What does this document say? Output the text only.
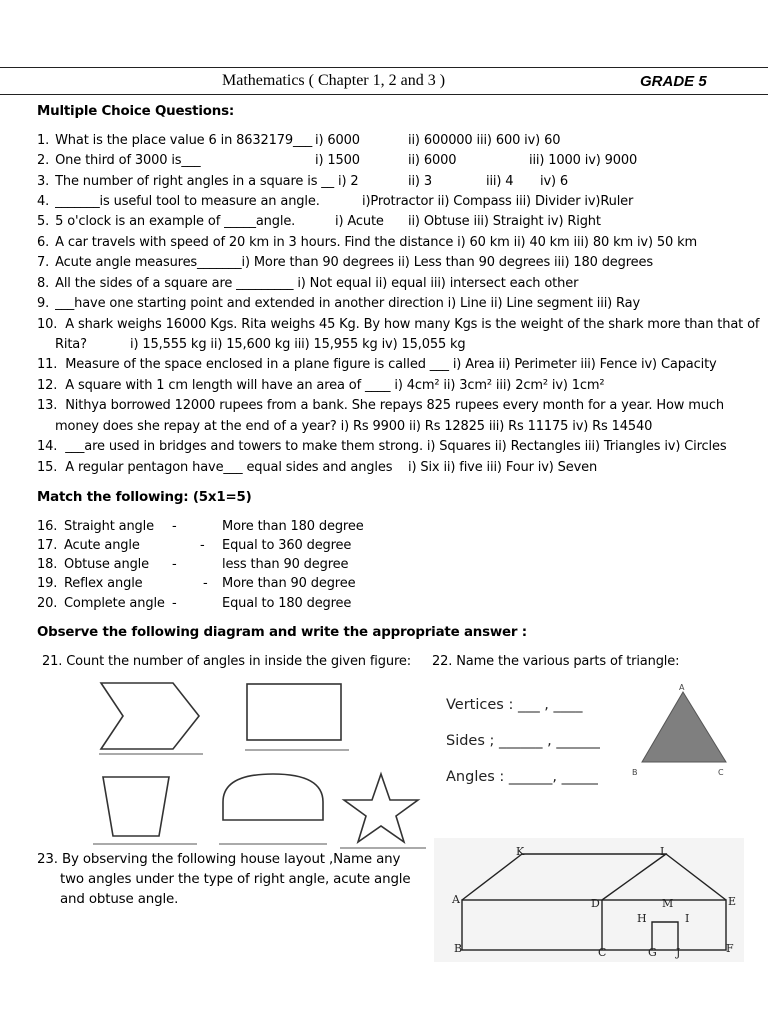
Mathematics ( Chapter 1, 2 and 3 )	GRADE 5
Multiple Choice Questions:
1. What is the place value 6 in 8632179___ i) 6000	ii) 600000 iii) 600 iv) 60
2. One third of 3000 is___	i) 1500	ii) 6000	iii) 1000 iv) 9000
3. The number of right angles in a square is __ i) 2	ii) 3	iii) 4 iv) 6
4. _______is useful tool to measure an angle.	i)Protractor ii) Compass iii) Divider iv)Ruler
5. 5 o'clock is an example of _____angle.	i) Acute ii) Obtuse iii) Straight iv) Right
6. A car travels with speed of 20 km in 3 hours. Find the distance i) 60 km ii) 40 km iii) 80 km iv) 50 km
7. Acute angle measures_______i) More than 90 degrees ii) Less than 90 degrees iii) 180 degrees
8. All the sides of a square are _________ i) Not equal ii) equal iii) intersect each other
9. ___have one starting point and extended in another direction i) Line ii) Line segment iii) Ray
10. A shark weighs 16000 Kgs. Rita weighs 45 Kg. By how many Kgs is the weight of the shark more than that of
Rita?	i) 15,555 kg ii) 15,600 kg iii) 15,955 kg iv) 15,055 kg
11. Measure of the space enclosed in a plane figure is called ___ i) Area ii) Perimeter iii) Fence iv) Capacity
12. A square with 1 cm length will have an area of ____ i) 4cm² ii) 3cm² iii) 2cm² iv) 1cm²
13. Nithya borrowed 12000 rupees from a bank. She repays 825 rupees every month for a year. How much
money does she repay at the end of a year? i) Rs 9900 ii) Rs 12825 iii) Rs 11175 iv) Rs 14540
14. ___are used in bridges and towers to make them strong. i) Squares ii) Rectangles iii) Triangles iv) Circles
15. A regular pentagon have___ equal sides and angles i) Six ii) five iii) Four iv) Seven
Match the following: (5x1=5)
16. Straight angle -	More than 180 degree
17. Acute angle	- Equal to 360 degree
18. Obtuse angle -	less than 90 degree
19. Reflex angle	- More than 90 degree
20. Complete angle -	Equal to 180 degree
Observe the following diagram and write the appropriate answer :
21. Count the number of angles in inside the given figure: 22. Name the various parts of triangle:
Vertices : ___ , ____
Sides ; ______ , ______
Angles : ______, _____
A
B	C
23. By observing the following house layout ,Name any
two angles under the type of right angle, acute angle
and obtuse angle.
K	L
A	D	M	E
H	I
B	C	G J	F
